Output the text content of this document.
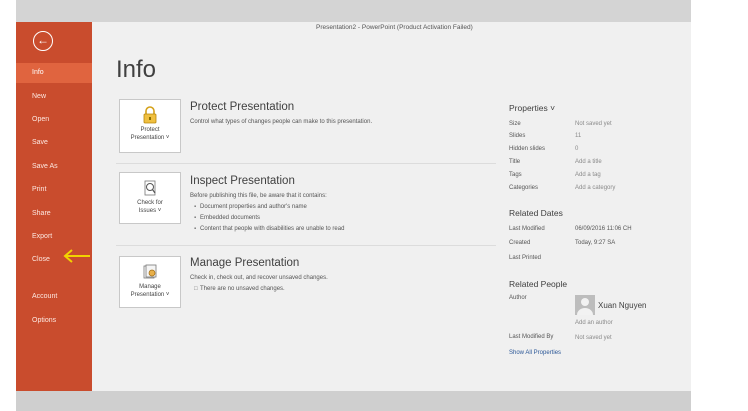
Presentation2 - PowerPoint (Product Activation Failed)
←
Info
New
Open
Save
Save As
Print
Share
Export
Close
Account
Options
Info
Protect
Presentation ˅
Protect Presentation
Control what types of changes people can make to this presentation.
Check for
Issues ˅
Inspect Presentation
Before publishing this file, be aware that it contains:
▪ Document properties and author's name
▪ Embedded documents
▪ Content that people with disabilities are unable to read
Manage
Presentation ˅
Manage Presentation
Check in, check out, and recover unsaved changes.
□ There are no unsaved changes.
Properties ˅
Size	Not saved yet
Slides	11
Hidden slides	0
Title	Add a title
Tags	Add a tag
Categories	Add a category
Related Dates
Last Modified	06/09/2016 11:06 CH
Created	Today, 9:27 SA
Last Printed
Related People
Author
Xuan Nguyen
Add an author
Last Modified By	Not saved yet
Show All Properties
